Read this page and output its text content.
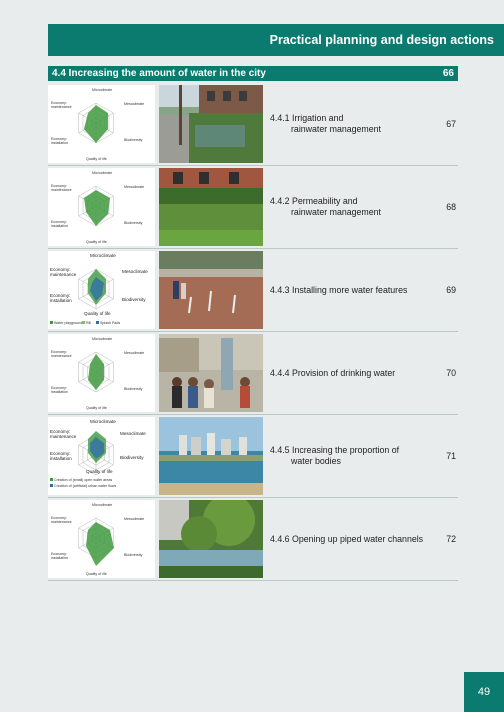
Practical planning and design actions
4.4 Increasing the amount of water in the city	66
Microclimate
Mesoclimate
Biodiversity
Quality of life
Economy:
installation
Economy:
maintenance
4.4.1 Irrigation and
rainwater management
67
Microclimate
Mesoclimate
Biodiversity
Quality of life
Economy:
installation
Economy:
maintenance
4.4.2 Permeability and
rainwater management
68
Microclimate
Mesoclimate
Biodiversity
Quality of life
Economy:
installation
Economy:
maintenance
Water playground Rill	Splash Pads
4.4.3 Installing more water features	69
Microclimate
Mesoclimate
Biodiversity
Quality of life
Economy:
installation
Economy:
maintenance
4.4.4 Provision of drinking water	70
Microclimate
Mesoclimate
Biodiversity
Quality of life
Economy:
installation
Economy:
maintenance
Creation of (small) open water areas
Creation of (artificial) urban water flows
4.4.5 Increasing the proportion of
water bodies
71
Microclimate
Mesoclimate
Biodiversity
Quality of life
Economy:
installation
Economy:
maintenance
4.4.6 Opening up piped water channels	72
49
